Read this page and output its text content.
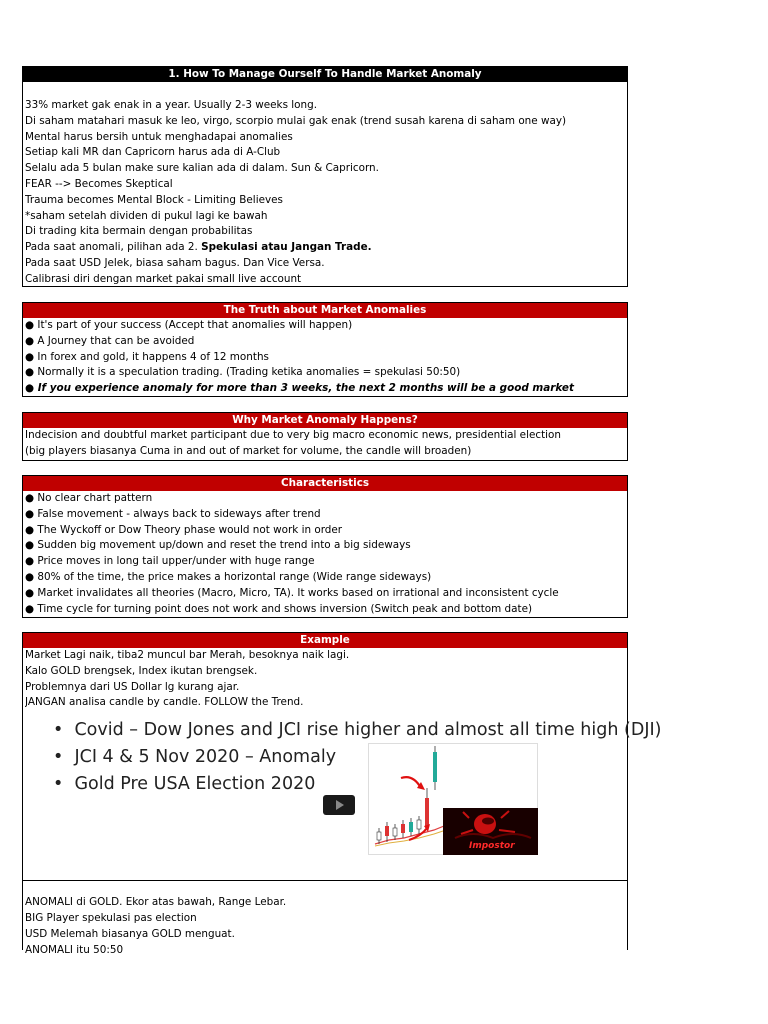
1. How To Manage Ourself To Handle Market Anomaly
33% market gak enak in a year. Usually 2-3 weeks long.
Di saham matahari masuk ke leo, virgo, scorpio mulai gak enak (trend susah karena di saham one way)
Mental harus bersih untuk menghadapai anomalies
Setiap kali MR dan Capricorn harus ada di A-Club
Selalu ada 5 bulan make sure kalian ada di dalam. Sun & Capricorn.
FEAR --> Becomes Skeptical
Trauma becomes Mental Block - Limiting Believes
*saham setelah dividen di pukul lagi ke bawah
Di trading kita bermain dengan probabilitas
Pada saat anomali, pilihan ada 2. Spekulasi atau Jangan Trade.
Pada saat USD Jelek, biasa saham bagus. Dan Vice Versa.
Calibrasi diri dengan market pakai small live account
The Truth about Market Anomalies
● It's part of your success (Accept that anomalies will happen)
● A Journey that can be avoided
● In forex and gold, it happens 4 of 12 months
● Normally it is a speculation trading. (Trading ketika anomalies = spekulasi 50:50)
● If you experience anomaly for more than 3 weeks, the next 2 months will be a good market
Why Market Anomaly Happens?
Indecision and doubtful market participant due to very big macro economic news, presidential election
(big players biasanya Cuma in and out of market for volume, the candle will broaden)
Characteristics
● No clear chart pattern
● False movement - always back to sideways after trend
● The Wyckoff or Dow Theory phase would not work in order
● Sudden big movement up/down and reset the trend into a big sideways
● Price moves in long tail upper/under with huge range
● 80% of the time, the price makes a horizontal range (Wide range sideways)
● Market invalidates all theories (Macro, Micro, TA). It works based on irrational and inconsistent cycle
● Time cycle for turning point does not work and shows inversion (Switch peak and bottom date)
Example
Market Lagi naik, tiba2 muncul bar Merah, besoknya naik lagi.
Kalo GOLD brengsek, Index ikutan brengsek.
Problemnya dari US Dollar lg kurang ajar.
JANGAN analisa candle by candle. FOLLOW the Trend.
•  Covid – Dow Jones and JCI rise higher and almost all time high (DJI)
•  JCI 4 & 5 Nov 2020 – Anomaly
•  Gold Pre USA Election 2020
Impostor
ANOMALI di GOLD. Ekor atas bawah, Range Lebar.
BIG Player spekulasi pas election
USD Melemah biasanya GOLD menguat.
ANOMALI itu 50:50
